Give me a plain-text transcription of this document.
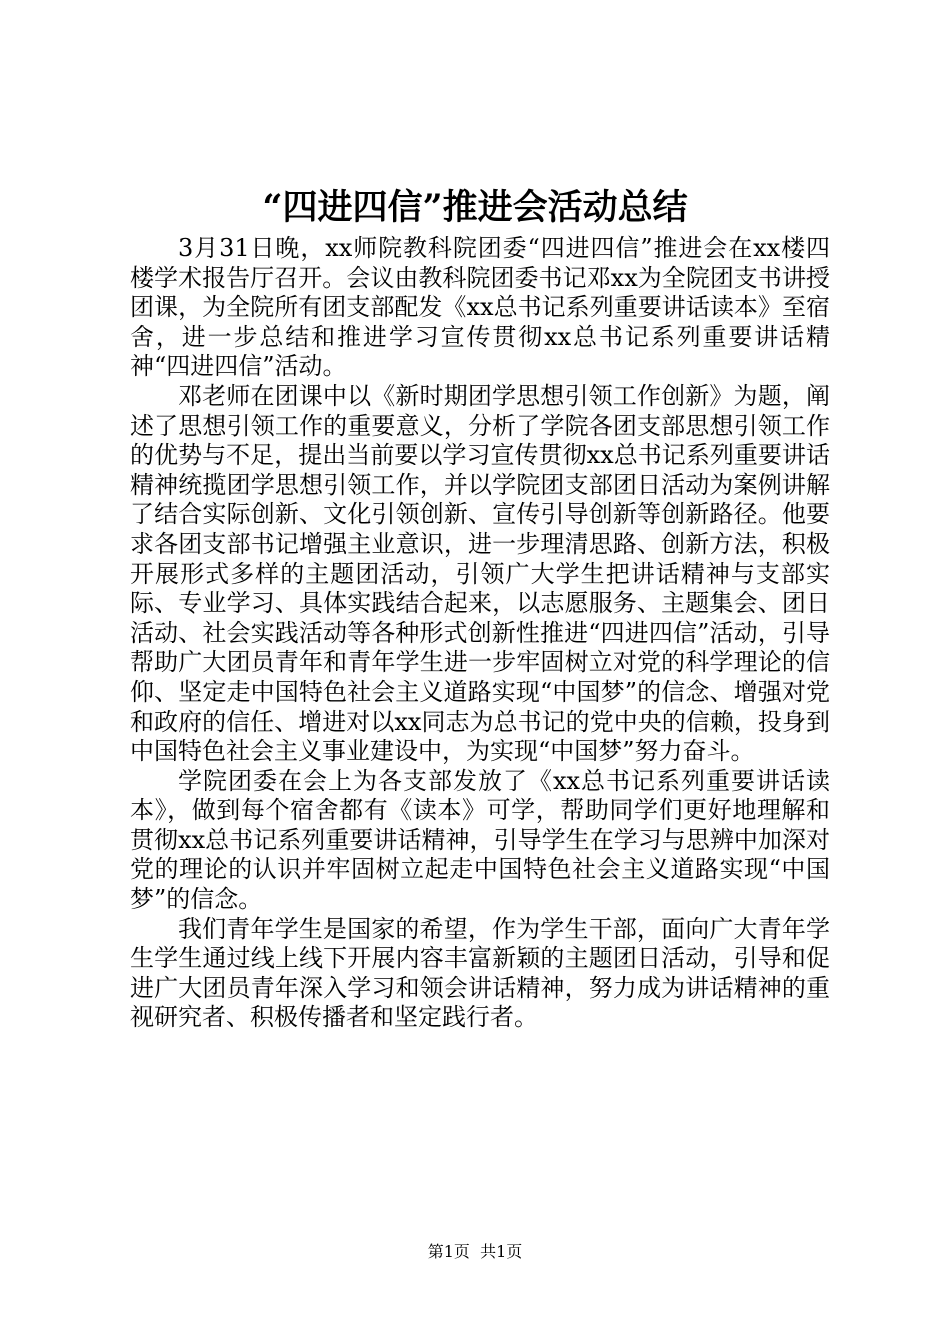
“四进四信”推进会活动总结

3月31日晚，xx师院教科院团委“四进四信”推进会在xx楼四楼学术报告厅召开。会议由教科院团委书记邓xx为全院团支书讲授团课，为全院所有团支部配发《xx总书记系列重要讲话读本》至宿舍，进一步总结和推进学习宣传贯彻xx总书记系列重要讲话精神“四进四信”活动。

邓老师在团课中以《新时期团学思想引领工作创新》为题，阐述了思想引领工作的重要意义，分析了学院各团支部思想引领工作的优势与不足，提出当前要以学习宣传贯彻xx总书记系列重要讲话精神统揽团学思想引领工作，并以学院团支部团日活动为案例讲解了结合实际创新、文化引领创新、宣传引导创新等创新路径。他要求各团支部书记增强主业意识，进一步理清思路、创新方法，积极开展形式多样的主题团活动，引领广大学生把讲话精神与支部实际、专业学习、具体实践结合起来，以志愿服务、主题集会、团日活动、社会实践活动等各种形式创新性推进“四进四信”活动，引导帮助广大团员青年和青年学生进一步牢固树立对党的科学理论的信仰、坚定走中国特色社会主义道路实现“中国梦”的信念、增强对党和政府的信任、增进对以xx同志为总书记的党中央的信赖，投身到中国特色社会主义事业建设中，为实现“中国梦”努力奋斗。

学院团委在会上为各支部发放了《xx总书记系列重要讲话读本》，做到每个宿舍都有《读本》可学，帮助同学们更好地理解和贯彻xx总书记系列重要讲话精神，引导学生在学习与思辨中加深对党的理论的认识并牢固树立起走中国特色社会主义道路实现“中国梦”的信念。

我们青年学生是国家的希望，作为学生干部，面向广大青年学生学生通过线上线下开展内容丰富新颖的主题团日活动，引导和促进广大团员青年深入学习和领会讲话精神，努力成为讲话精神的重视研究者、积极传播者和坚定践行者。

第1页  共1页
